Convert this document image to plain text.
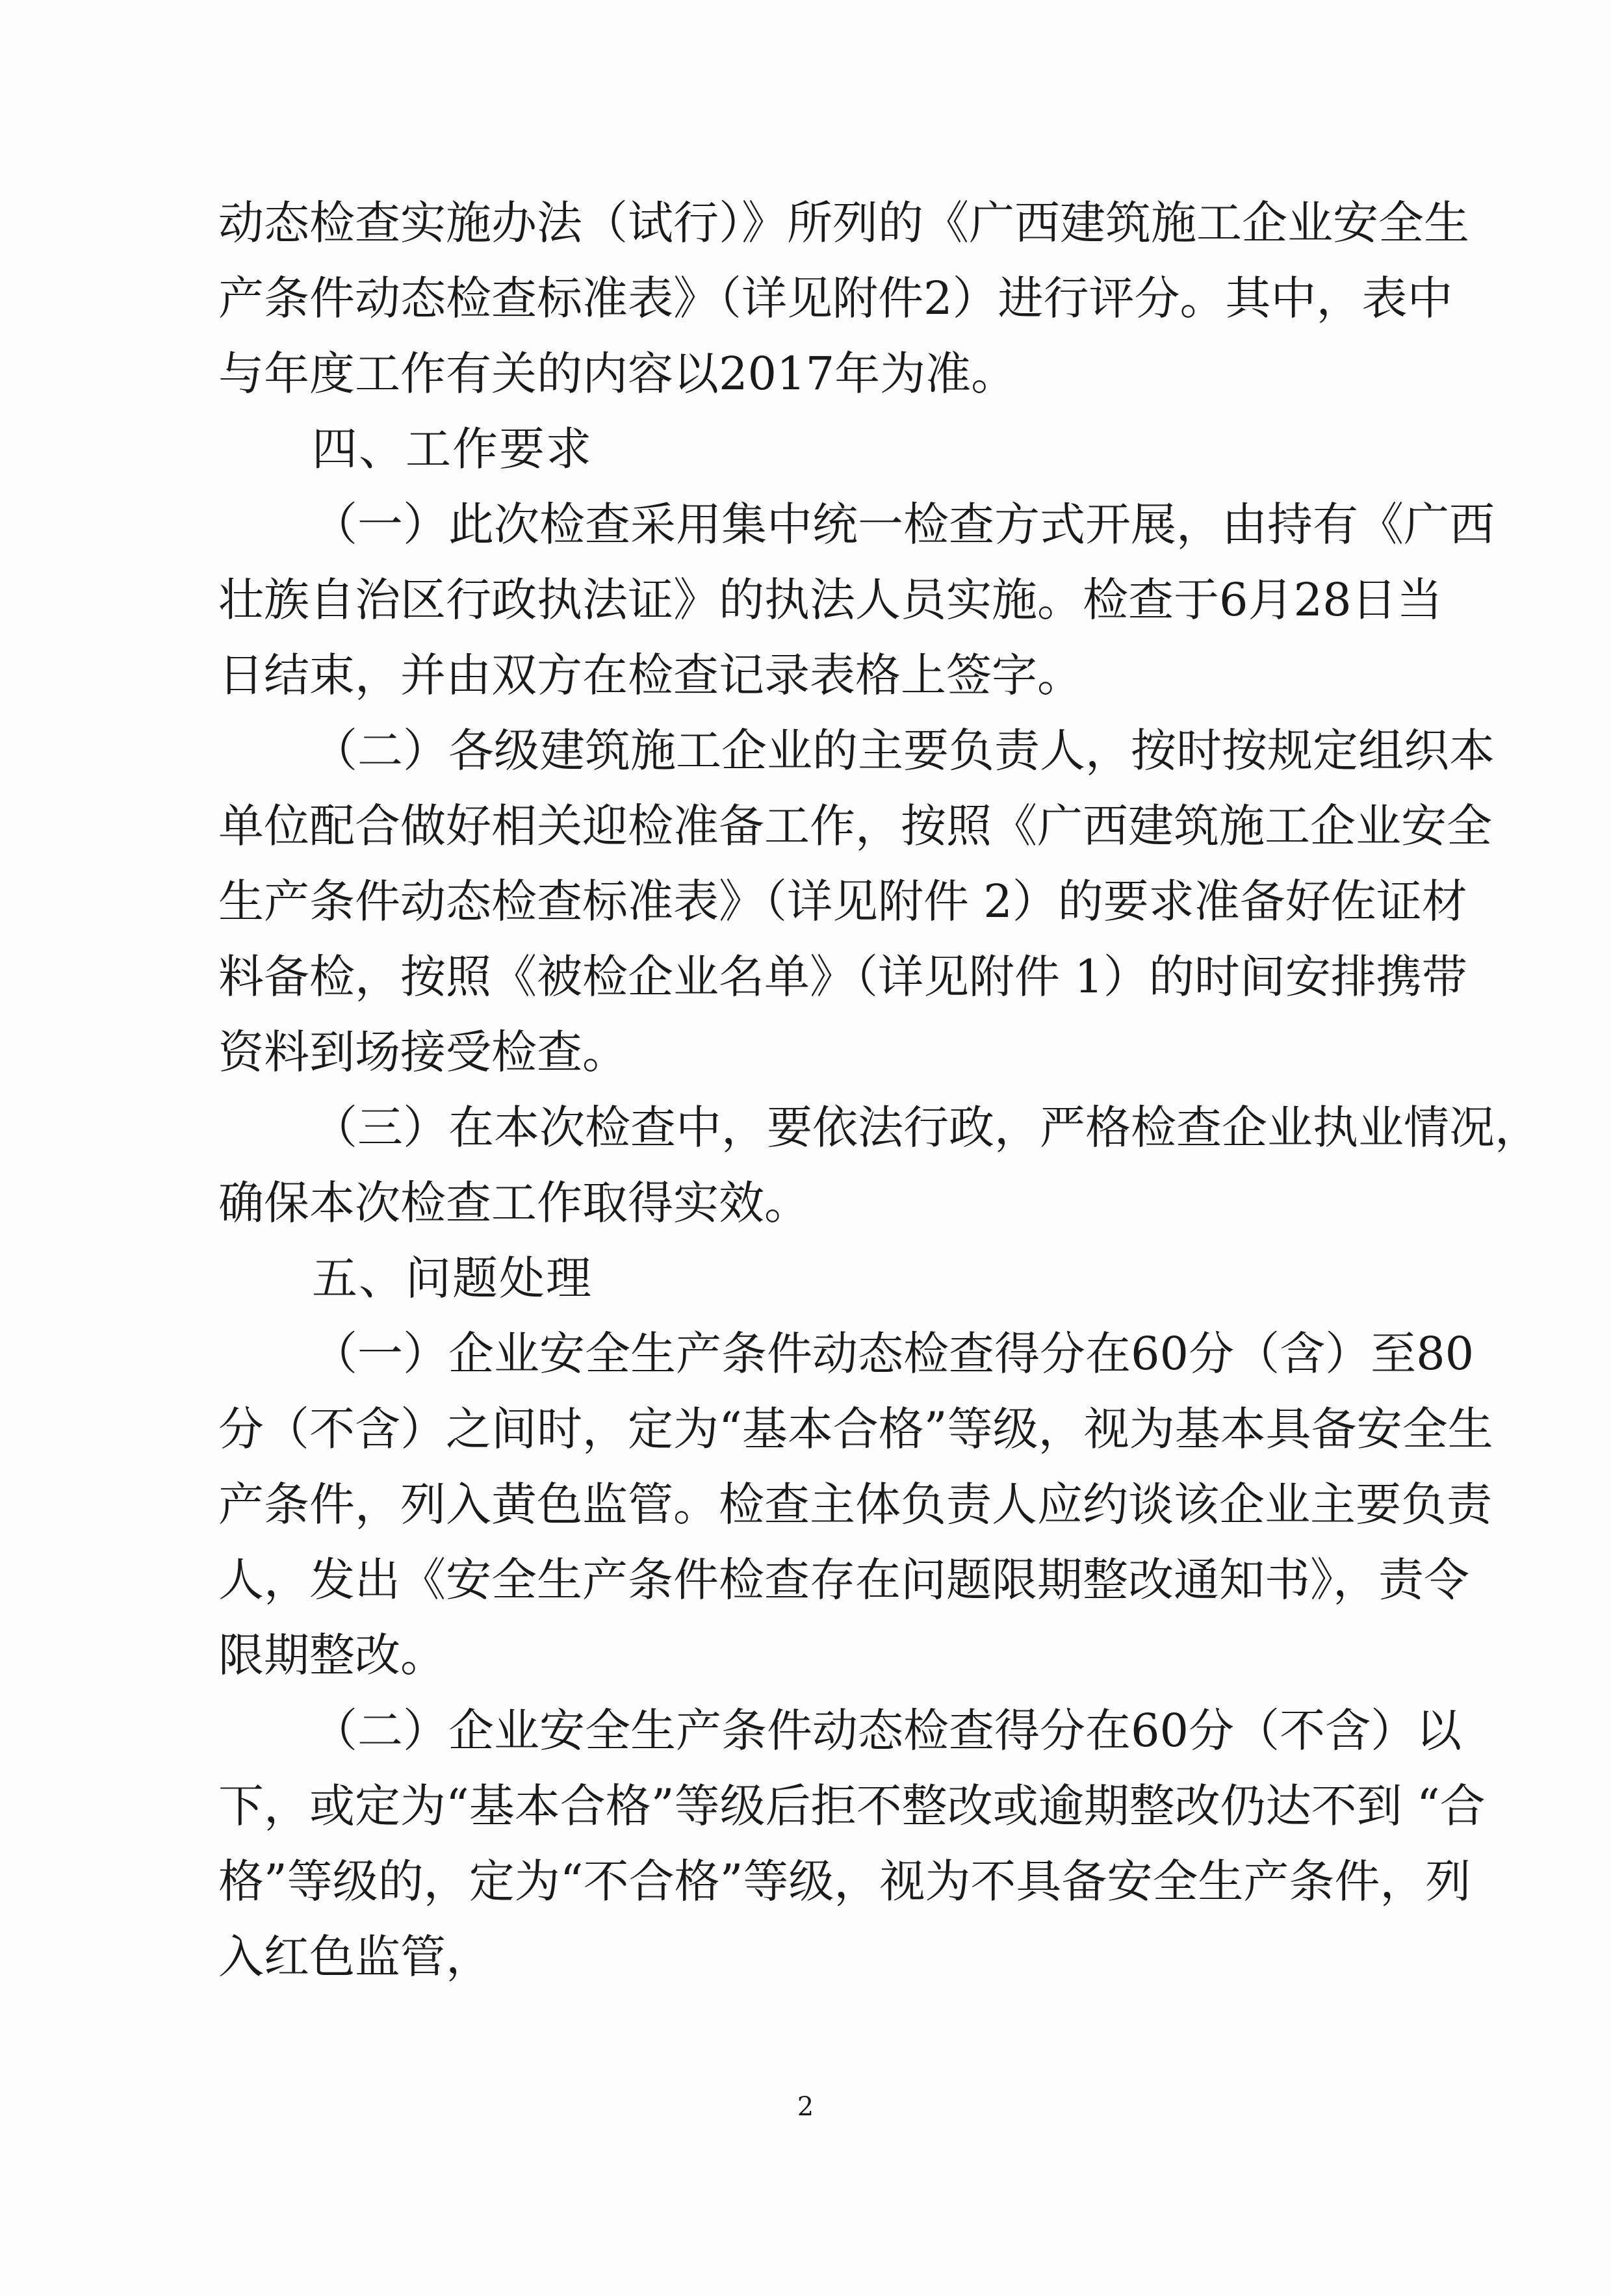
动态检查实施办法（试行）》所列的《广西建筑施工企业安全生
产条件动态检查标准表》（详见附件2）进行评分。其中，表中
与年度工作有关的内容以2017年为准。
四、工作要求
（一）此次检查采用集中统一检查方式开展，由持有《广西
壮族自治区行政执法证》的执法人员实施。检查于6月28日当
日结束，并由双方在检查记录表格上签字。
（二）各级建筑施工企业的主要负责人，按时按规定组织本
单位配合做好相关迎检准备工作，按照《广西建筑施工企业安全
生产条件动态检查标准表》（详见附件 2）的要求准备好佐证材
料备检，按照《被检企业名单》（详见附件 1）的时间安排携带
资料到场接受检查。
（三）在本次检查中，要依法行政，严格检查企业执业情况，
确保本次检查工作取得实效。
五、问题处理
（一）企业安全生产条件动态检查得分在60分（含）至80
分（不含）之间时，定为“基本合格”等级，视为基本具备安全生
产条件，列入黄色监管。检查主体负责人应约谈该企业主要负责
人，发出《安全生产条件检查存在问题限期整改通知书》，责令
限期整改。
（二）企业安全生产条件动态检查得分在60分（不含）以
下，或定为“基本合格”等级后拒不整改或逾期整改仍达不到 “合
格”等级的，定为“不合格”等级，视为不具备安全生产条件，列
入红色监管，
2
